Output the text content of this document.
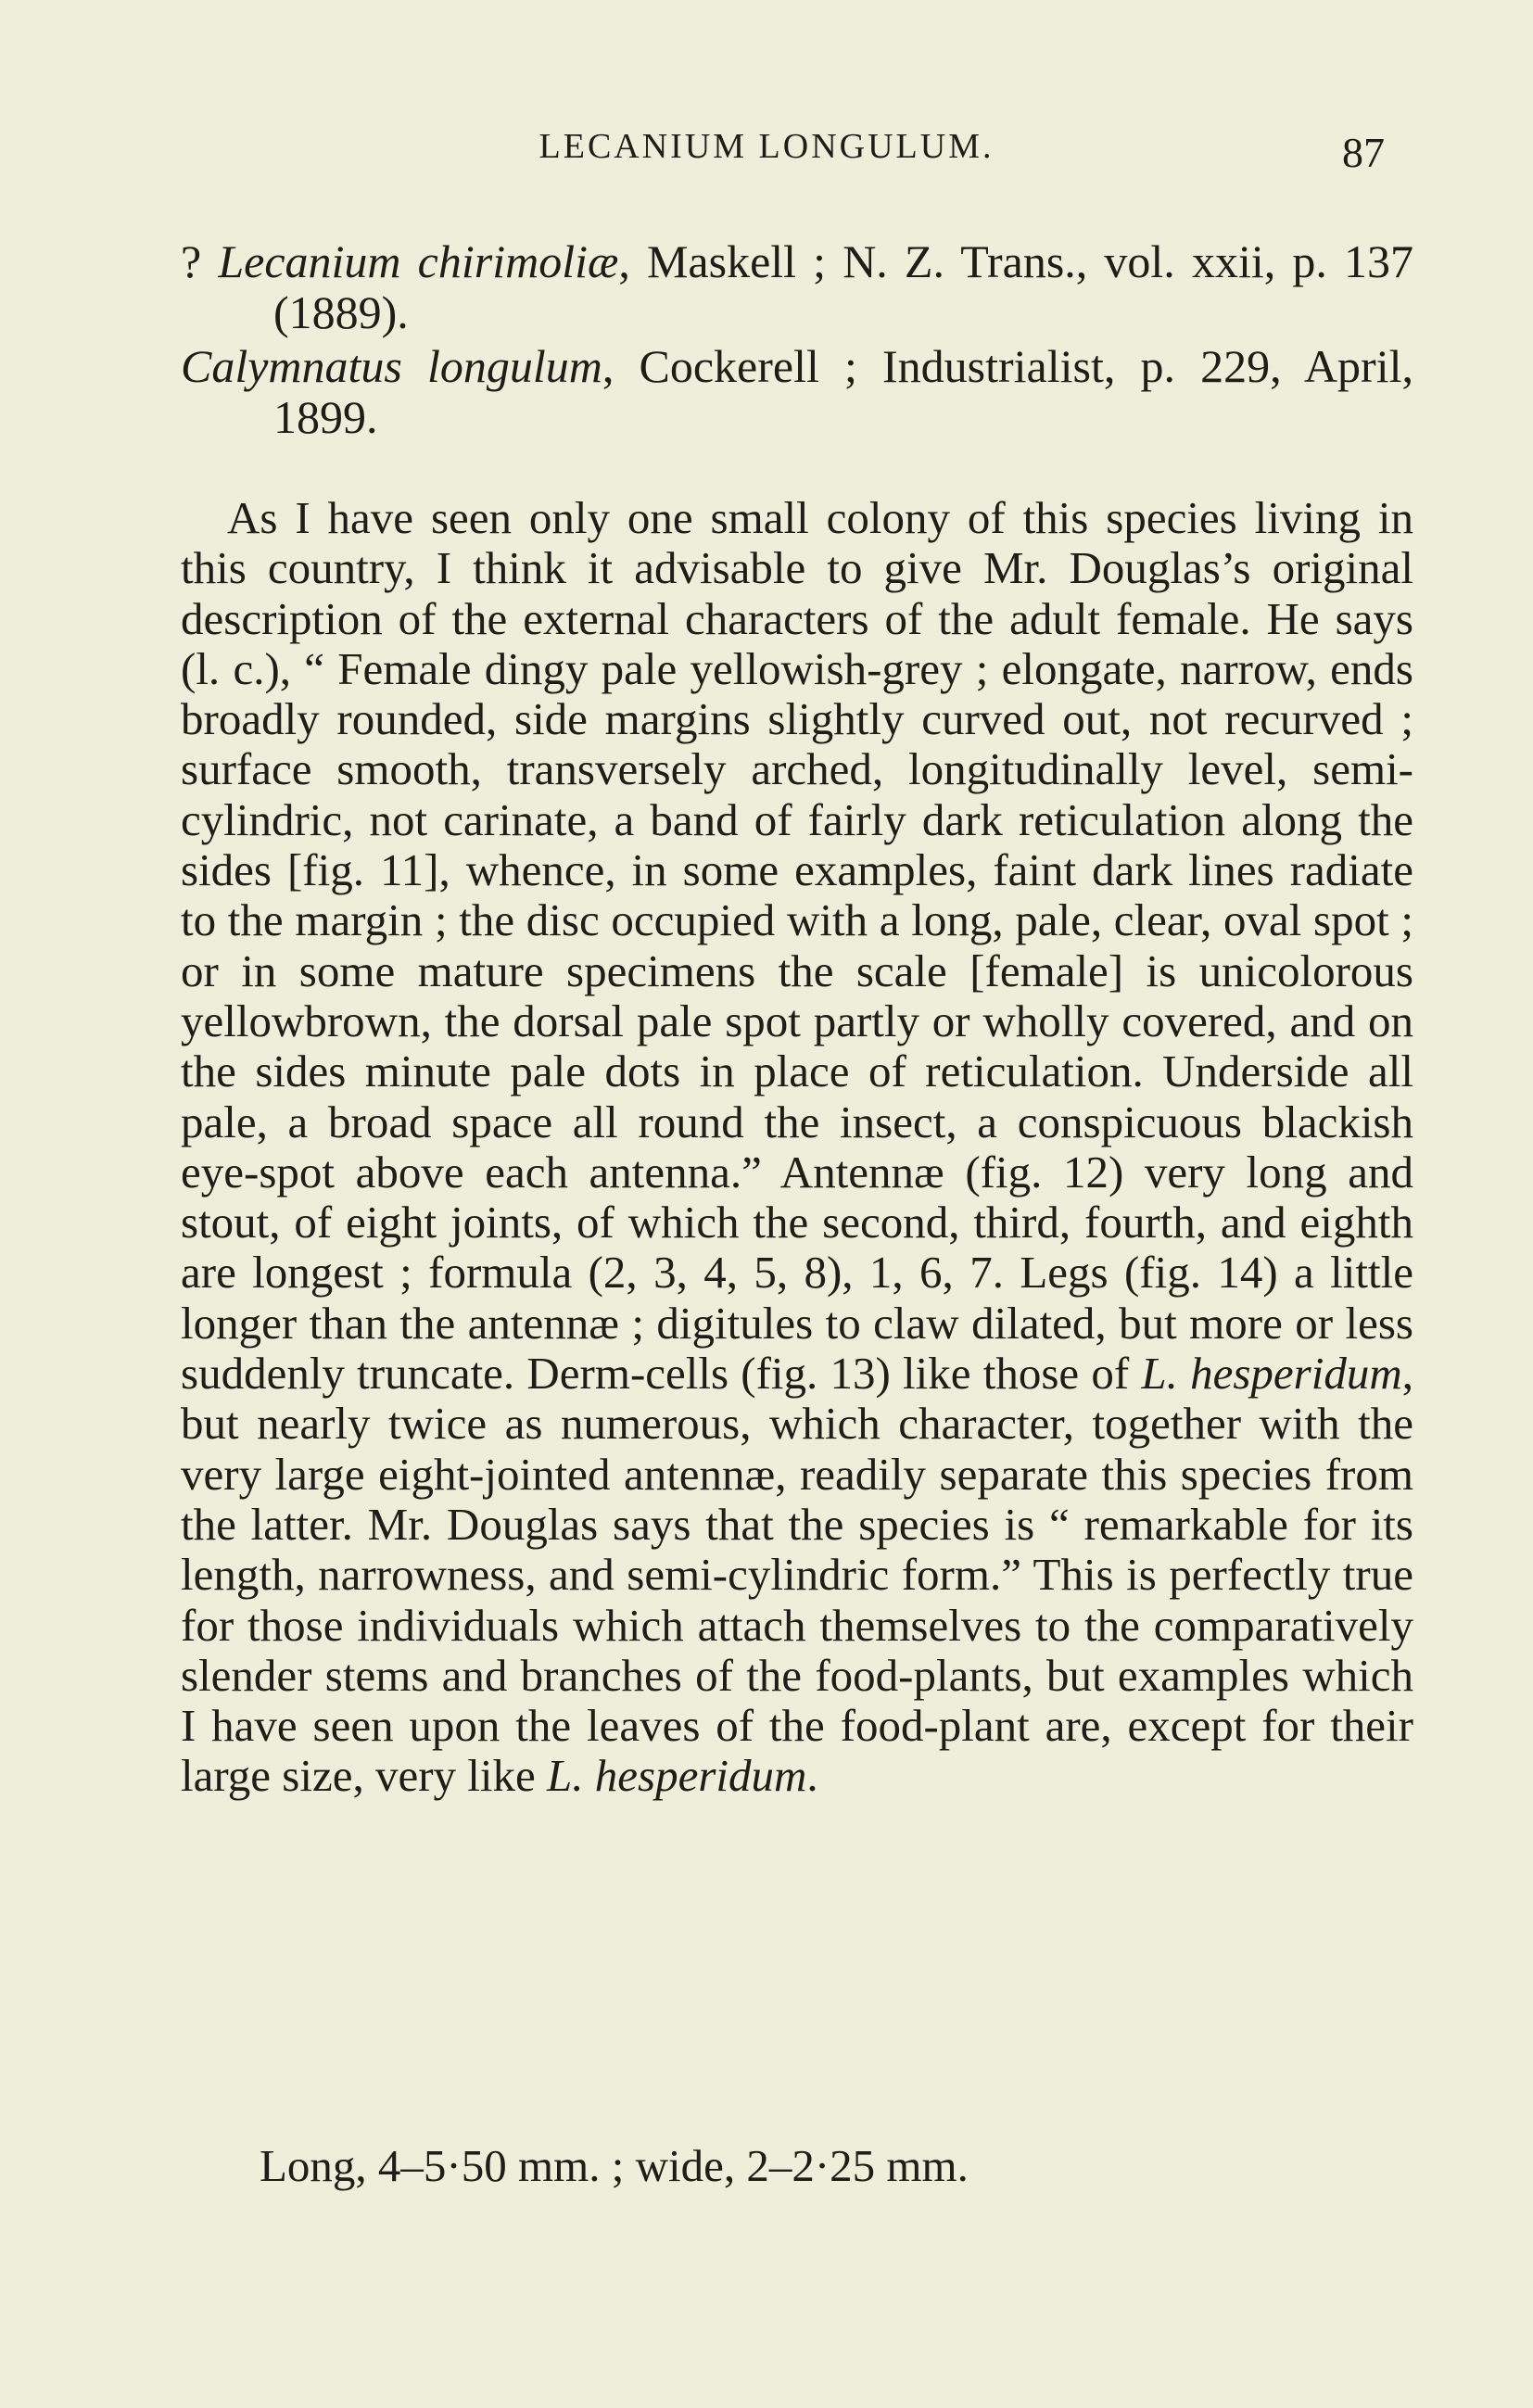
LECANIUM LONGULUM.	87
? Lecanium chirimoliæ, Maskell ; N. Z. Trans., vol. xxii, p. 137 (1889).
Calymnatus longulum, Cockerell ; Industrialist, p. 229, April, 1899.

As I have seen only one small colony of this species living in this country, I think it advisable to give Mr. Douglas’s original description of the external characters of the adult female. He says (l. c.), “ Female dingy pale yellowish-grey ; elongate, narrow, ends broadly rounded, side margins slightly curved out, not recurved ; surface smooth, transversely arched, longitudinally level, semi-cylindric, not carinate, a band of fairly dark reticulation along the sides [fig. 11], whence, in some examples, faint dark lines radiate to the margin ; the disc occupied with a long, pale, clear, oval spot ; or in some mature specimens the scale [female] is unicolorous yellowbrown, the dorsal pale spot partly or wholly covered, and on the sides minute pale dots in place of reticulation. Underside all pale, a broad space all round the insect, a conspicuous blackish eye-spot above each antenna.” Antennæ (fig. 12) very long and stout, of eight joints, of which the second, third, fourth, and eighth are longest ; formula (2, 3, 4, 5, 8), 1, 6, 7. Legs (fig. 14) a little longer than the antennæ ; digitules to claw dilated, but more or less suddenly truncate. Derm-cells (fig. 13) like those of L. hesperidum, but nearly twice as numerous, which character, together with the very large eight-jointed antennæ, readily separate this species from the latter. Mr. Douglas says that the species is “ remarkable for its length, narrowness, and semi-cylindric form.” This is perfectly true for those individuals which attach themselves to the comparatively slender stems and branches of the food-plants, but examples which I have seen upon the leaves of the food-plant are, except for their large size, very like L. hesperidum.

Long, 4–5·50 mm. ; wide, 2–2·25 mm.
